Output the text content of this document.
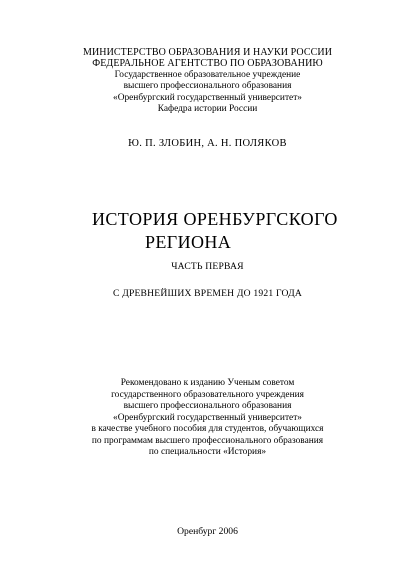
МИНИСТЕРСТВО ОБРАЗОВАНИЯ И НАУКИ РОССИИ
ФЕДЕРАЛЬНОЕ АГЕНТСТВО ПО ОБРАЗОВАНИЮ
Государственное образовательное учреждение
высшего профессионального образования
«Оренбургский государственный университет»
Кафедра истории России
Ю. П. ЗЛОБИН, А. Н. ПОЛЯКОВ
ИСТОРИЯ ОРЕНБУРГСКОГО
РЕГИОНА
ЧАСТЬ ПЕРВАЯ
С ДРЕВНЕЙШИХ ВРЕМЕН ДО 1921 ГОДА
Рекомендовано к изданию Ученым советом
государственного образовательного учреждения
высшего профессионального образования
«Оренбургский государственный университет»
в качестве учебного пособия для студентов, обучающихся
по программам высшего профессионального образования
по специальности «История»
Оренбург 2006
